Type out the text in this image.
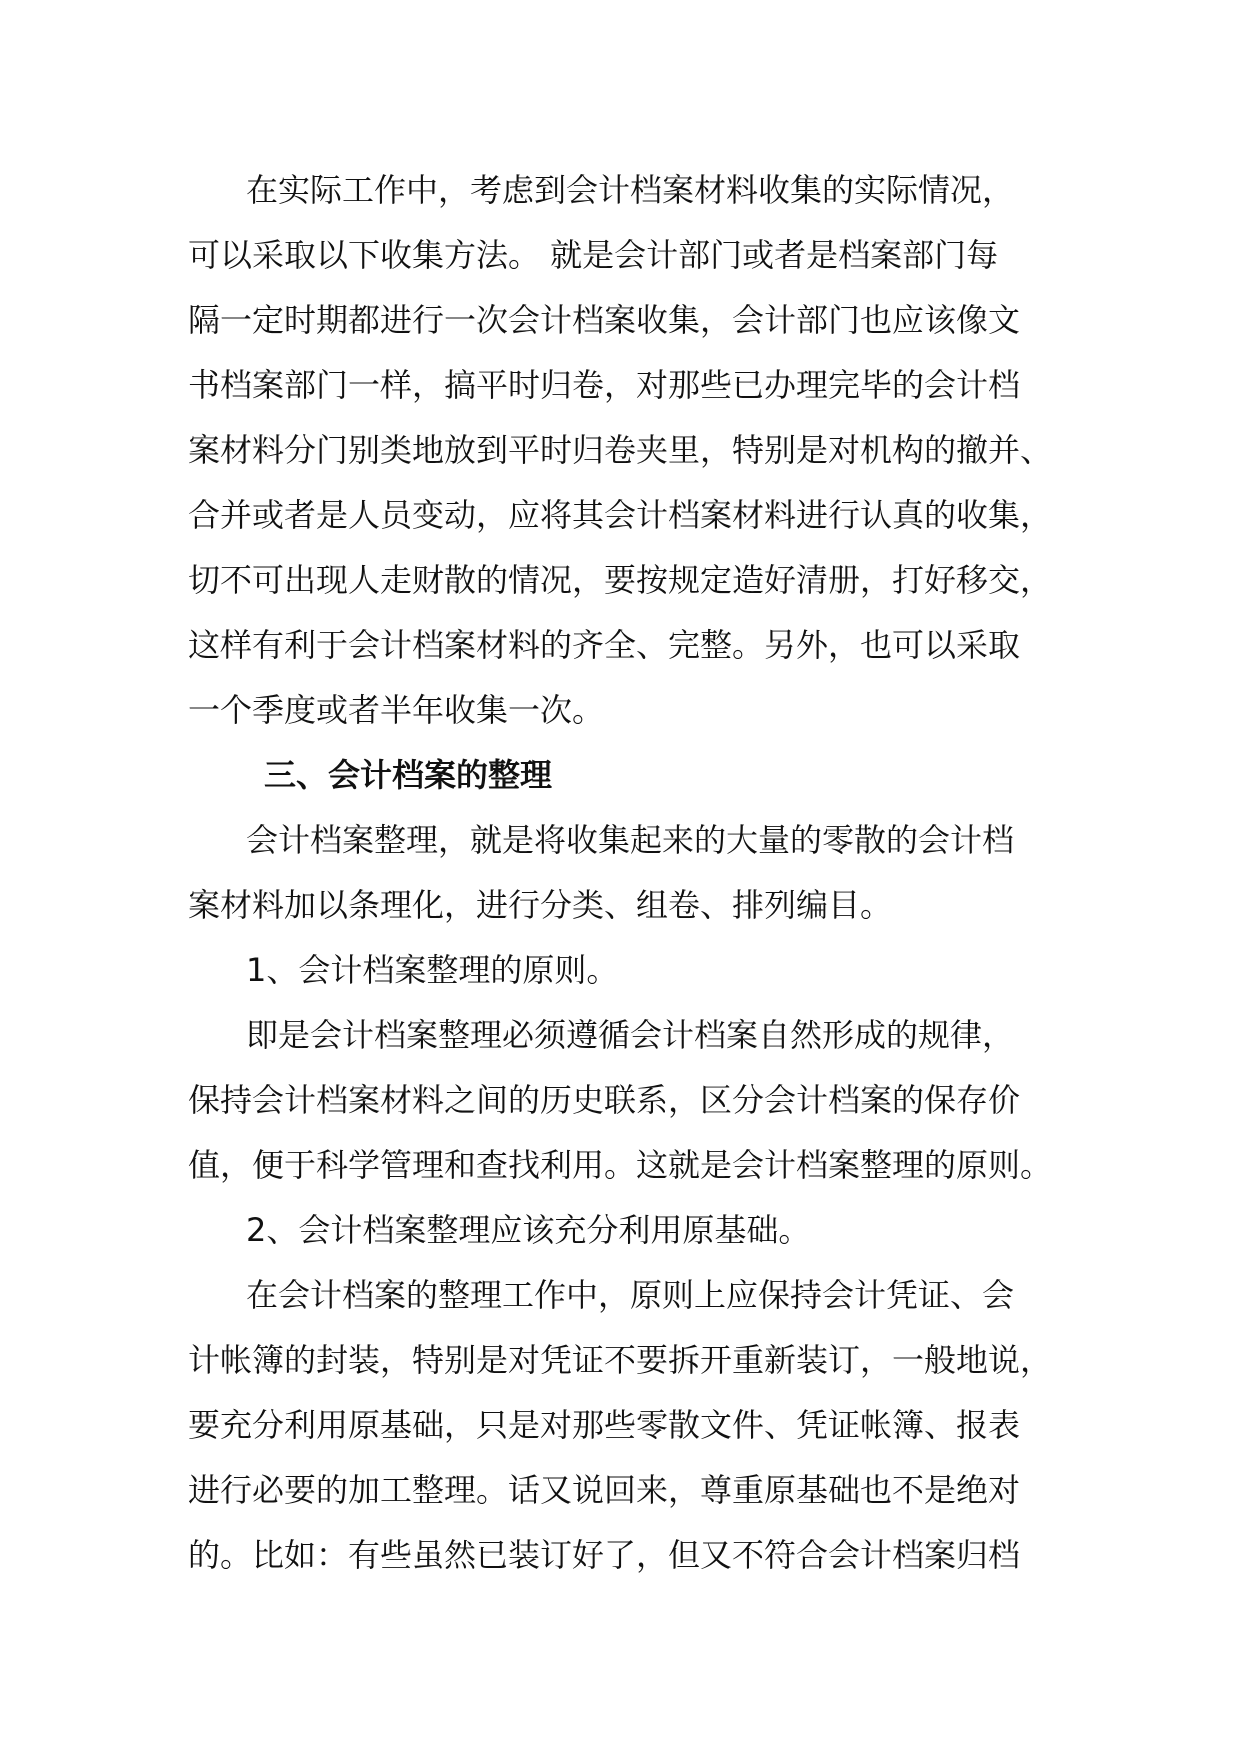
在实际工作中，考虑到会计档案材料收集的实际情况，
可以采取以下收集方法。 就是会计部门或者是档案部门每
隔一定时期都进行一次会计档案收集，会计部门也应该像文
书档案部门一样，搞平时归卷，对那些已办理完毕的会计档
案材料分门别类地放到平时归卷夹里，特别是对机构的撤并、
合并或者是人员变动，应将其会计档案材料进行认真的收集，
切不可出现人走财散的情况，要按规定造好清册，打好移交，
这样有利于会计档案材料的齐全、完整。另外，也可以采取
一个季度或者半年收集一次。
三、会计档案的整理
会计档案整理，就是将收集起来的大量的零散的会计档
案材料加以条理化，进行分类、组卷、排列编目。
1、会计档案整理的原则。
即是会计档案整理必须遵循会计档案自然形成的规律，
保持会计档案材料之间的历史联系，区分会计档案的保存价
值，便于科学管理和查找利用。这就是会计档案整理的原则。
2、会计档案整理应该充分利用原基础。
在会计档案的整理工作中，原则上应保持会计凭证、会
计帐簿的封装，特别是对凭证不要拆开重新装订，一般地说，
要充分利用原基础，只是对那些零散文件、凭证帐簿、报表
进行必要的加工整理。话又说回来，尊重原基础也不是绝对
的。比如：有些虽然已装订好了，但又不符合会计档案归档
